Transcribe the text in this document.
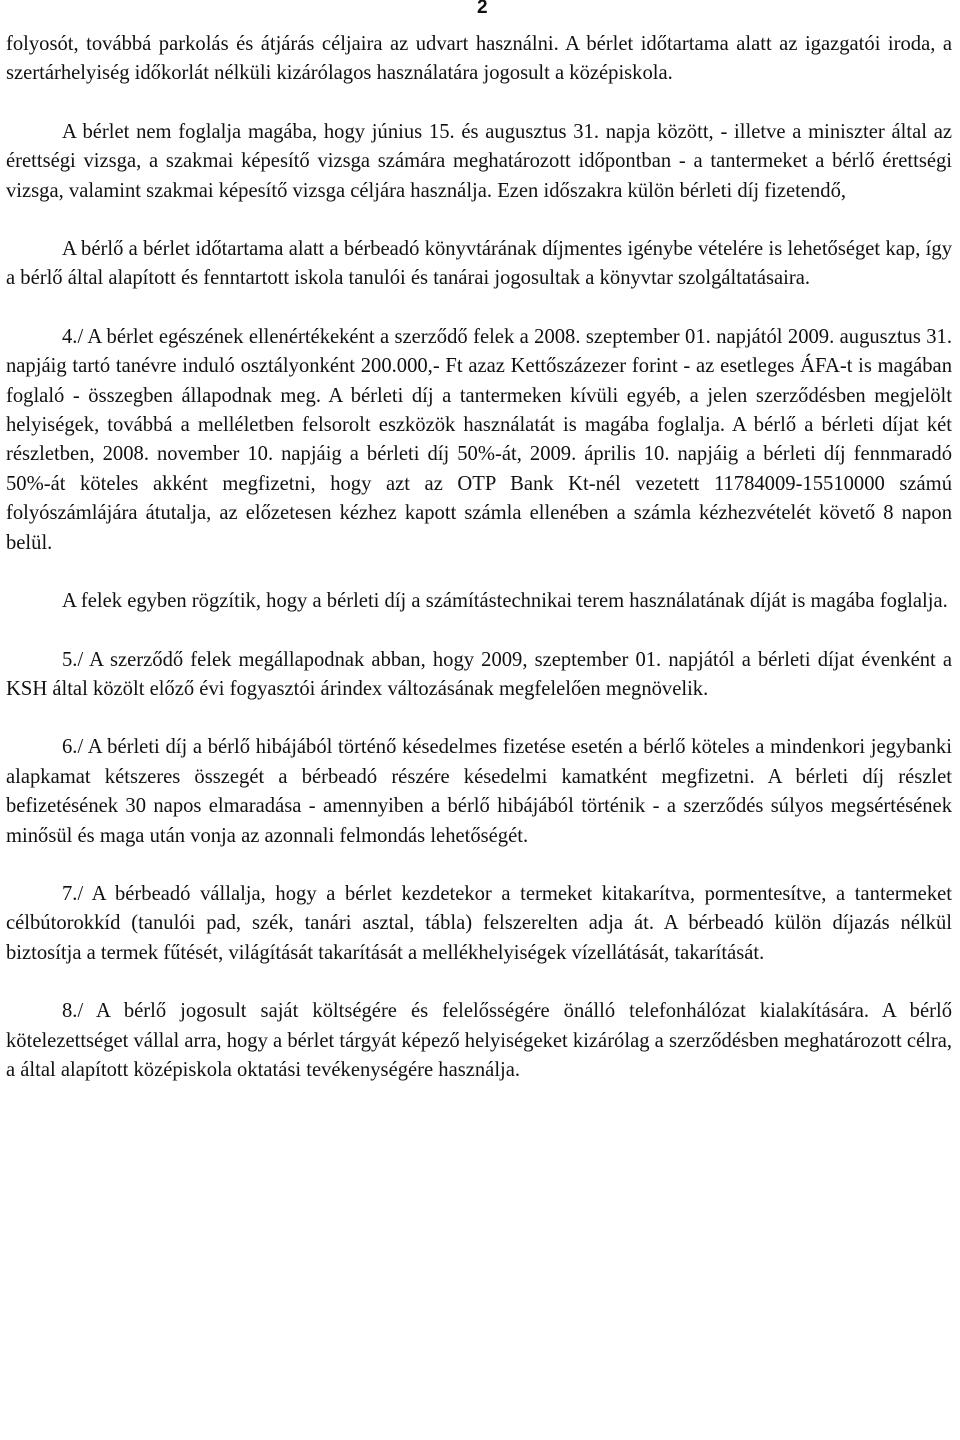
2

folyosót, továbbá parkolás és átjárás céljaira az udvart használni. A bérlet időtartama alatt az igazgatói iroda, a szertárhelyiség időkorlát nélküli kizárólagos használatára jogosult a középiskola.

A bérlet nem foglalja magába, hogy június 15. és augusztus 31. napja között, - illetve a miniszter által az érettségi vizsga, a szakmai képesítő vizsga számára meghatározott időpontban - a tantermeket a bérlő érettségi vizsga, valamint szakmai képesítő vizsga céljára használja. Ezen időszakra külön bérleti díj fizetendő,

A bérlő a bérlet időtartama alatt a bérbeadó könyvtárának díjmentes igénybe vételére is lehetőséget kap, így a bérlő által alapított és fenntartott iskola tanulói és tanárai jogosultak a könyvtar szolgáltatásaira.

4./ A bérlet egészének ellenértékeként a szerződő felek a 2008. szeptember 01. napjától 2009. augusztus 31. napjáig tartó tanévre induló osztályonként 200.000,- Ft azaz Kettőszázezer forint - az esetleges ÁFA-t is magában foglaló - összegben állapodnak meg. A bérleti díj a tantermeken kívüli egyéb, a jelen szerződésben megjelölt helyiségek, továbbá a melléletben felsorolt eszközök használatát is magába foglalja. A bérlő a bérleti díjat két részletben, 2008. november 10. napjáig a bérleti díj 50%-át, 2009. április 10. napjáig a bérleti díj fennmaradó 50%-át köteles akként megfizetni, hogy azt az OTP Bank Kt-nél vezetett 11784009-15510000 számú folyószámlájára átutalja, az előzetesen kézhez kapott számla ellenében a számla kézhezvételét követő 8 napon belül.

A felek egyben rögzítik, hogy a bérleti díj a számítástechnikai terem használatának díját is magába foglalja.

5./ A szerződő felek megállapodnak abban, hogy 2009, szeptember 01. napjától a bérleti díjat évenként a KSH által közölt előző évi fogyasztói árindex változásának megfelelően megnövelik.

6./ A bérleti díj a bérlő hibájából történő késedelmes fizetése esetén a bérlő köteles a mindenkori jegybanki alapkamat kétszeres összegét a bérbeadó részére késedelmi kamatként megfizetni. A bérleti díj részlet befizetésének 30 napos elmaradása - amennyiben a bérlő hibájából történik - a szerződés súlyos megsértésének minősül és maga után vonja az azonnali felmondás lehetőségét.

7./ A bérbeadó vállalja, hogy a bérlet kezdetekor a termeket kitakarítva, pormentesítve, a tantermeket célbútorokkíd (tanulói pad, szék, tanári asztal, tábla) felszerelten adja át. A bérbeadó külön díjazás nélkül biztosítja a termek fűtését, világítását takarítását a mellékhelyiségek vízellátását, takarítását.

8./ A bérlő jogosult saját költségére és felelősségére önálló telefonhálózat kialakítására. A bérlő kötelezettséget vállal arra, hogy a bérlet tárgyát képező helyiségeket kizárólag a szerződésben meghatározott célra, a által alapított középiskola oktatási tevékenységére használja.
